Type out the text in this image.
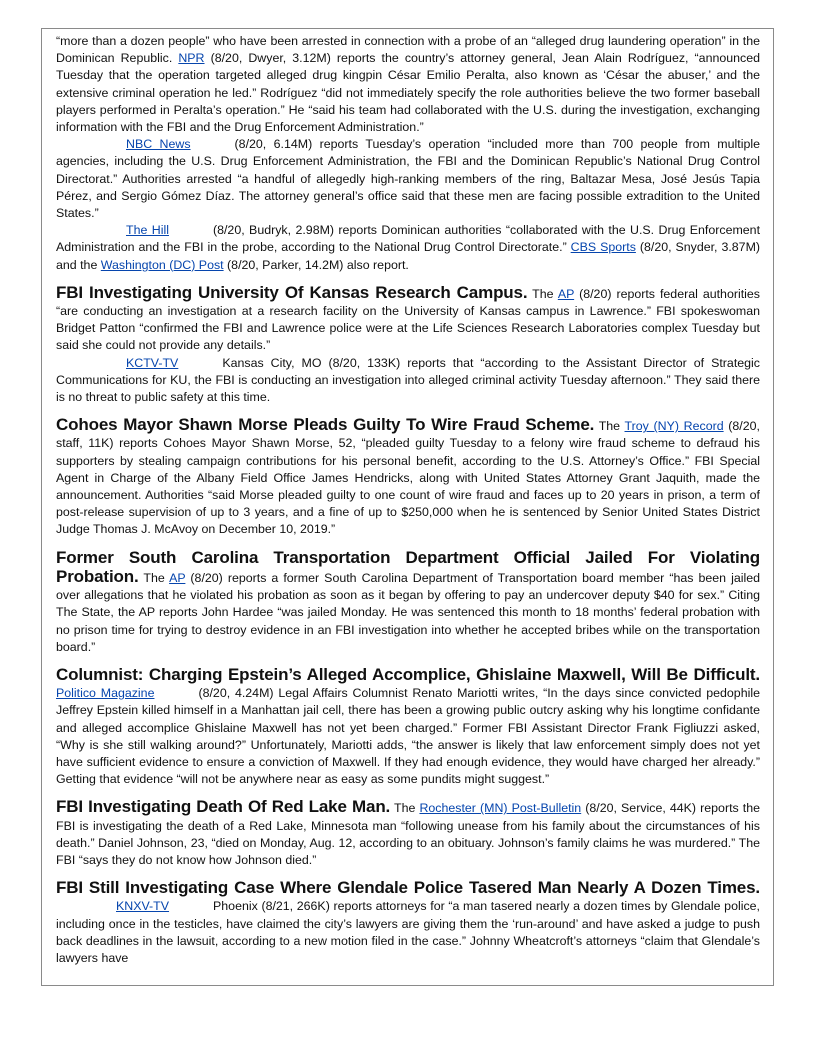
“more than a dozen people” who have been arrested in connection with a probe of an “alleged drug laundering operation” in the Dominican Republic. NPR (8/20, Dwyer, 3.12M) reports the country’s attorney general, Jean Alain Rodríguez, “announced Tuesday that the operation targeted alleged drug kingpin César Emilio Peralta, also known as ‘César the abuser,’ and the extensive criminal operation he led.” Rodríguez “did not immediately specify the role authorities believe the two former baseball players performed in Peralta’s operation.” He “said his team had collaborated with the U.S. during the investigation, exchanging information with the FBI and the Drug Enforcement Administration.”

NBC News	(8/20, 6.14M) reports Tuesday’s operation “included more than 700 people from multiple agencies, including the U.S. Drug Enforcement Administration, the FBI and the Dominican Republic’s National Drug Control Directorat.” Authorities arrested “a handful of allegedly high-ranking members of the ring, Baltazar Mesa, José Jesús Tapia Pérez, and Sergio Gómez Díaz. The attorney general’s office said that these men are facing possible extradition to the United States.”

The Hill	(8/20, Budryk, 2.98M) reports Dominican authorities “collaborated with the U.S. Drug Enforcement Administration and the FBI in the probe, according to the National Drug Control Directorate.” CBS Sports (8/20, Snyder, 3.87M) and the Washington (DC) Post (8/20, Parker, 14.2M) also report.

FBI Investigating University Of Kansas Research Campus. The AP (8/20) reports federal authorities “are conducting an investigation at a research facility on the University of Kansas campus in Lawrence.” FBI spokeswoman Bridget Patton “confirmed the FBI and Lawrence police were at the Life Sciences Research Laboratories complex Tuesday but said she could not provide any details.”

KCTV-TV	Kansas City, MO (8/20, 133K) reports that “according to the Assistant Director of Strategic Communications for KU, the FBI is conducting an investigation into alleged criminal activity Tuesday afternoon.” They said there is no threat to public safety at this time.

Cohoes Mayor Shawn Morse Pleads Guilty To Wire Fraud Scheme. The Troy (NY) Record (8/20, staff, 11K) reports Cohoes Mayor Shawn Morse, 52, “pleaded guilty Tuesday to a felony wire fraud scheme to defraud his supporters by stealing campaign contributions for his personal benefit, according to the U.S. Attorney’s Office.” FBI Special Agent in Charge of the Albany Field Office James Hendricks, along with United States Attorney Grant Jaquith, made the announcement. Authorities “said Morse pleaded guilty to one count of wire fraud and faces up to 20 years in prison, a term of post-release supervision of up to 3 years, and a fine of up to $250,000 when he is sentenced by Senior United States District Judge Thomas J. McAvoy on December 10, 2019.”

Former South Carolina Transportation Department Official Jailed For Violating Probation. The AP (8/20) reports a former South Carolina Department of Transportation board member “has been jailed over allegations that he violated his probation as soon as it began by offering to pay an undercover deputy $40 for sex.” Citing The State, the AP reports John Hardee “was jailed Monday. He was sentenced this month to 18 months’ federal probation with no prison time for trying to destroy evidence in an FBI investigation into whether he accepted bribes while on the transportation board.”

Columnist: Charging Epstein’s Alleged Accomplice, Ghislaine Maxwell, Will Be Difficult. Politico Magazine	(8/20, 4.24M) Legal Affairs Columnist Renato Mariotti writes, “In the days since convicted pedophile Jeffrey Epstein killed himself in a Manhattan jail cell, there has been a growing public outcry asking why his longtime confidante and alleged accomplice Ghislaine Maxwell has not yet been charged.” Former FBI Assistant Director Frank Figliuzzi asked, “Why is she still walking around?” Unfortunately, Mariotti adds, “the answer is likely that law enforcement simply does not yet have sufficient evidence to ensure a conviction of Maxwell. If they had enough evidence, they would have charged her already.” Getting that evidence “will not be anywhere near as easy as some pundits might suggest.”

FBI Investigating Death Of Red Lake Man. The Rochester (MN) Post-Bulletin (8/20, Service, 44K) reports the FBI is investigating the death of a Red Lake, Minnesota man “following unease from his family about the circumstances of his death.” Daniel Johnson, 23, “died on Monday, Aug. 12, according to an obituary. Johnson’s family claims he was murdered.” The FBI “says they do not know how Johnson died.”

FBI Still Investigating Case Where Glendale Police Tasered Man Nearly A Dozen Times. KNXV-TV	Phoenix (8/21, 266K) reports attorneys for “a man tasered nearly a dozen times by Glendale police, including once in the testicles, have claimed the city’s lawyers are giving them the ‘run-around’ and have asked a judge to push back deadlines in the lawsuit, according to a new motion filed in the case.” Johnny Wheatcroft’s attorneys “claim that Glendale’s lawyers have
